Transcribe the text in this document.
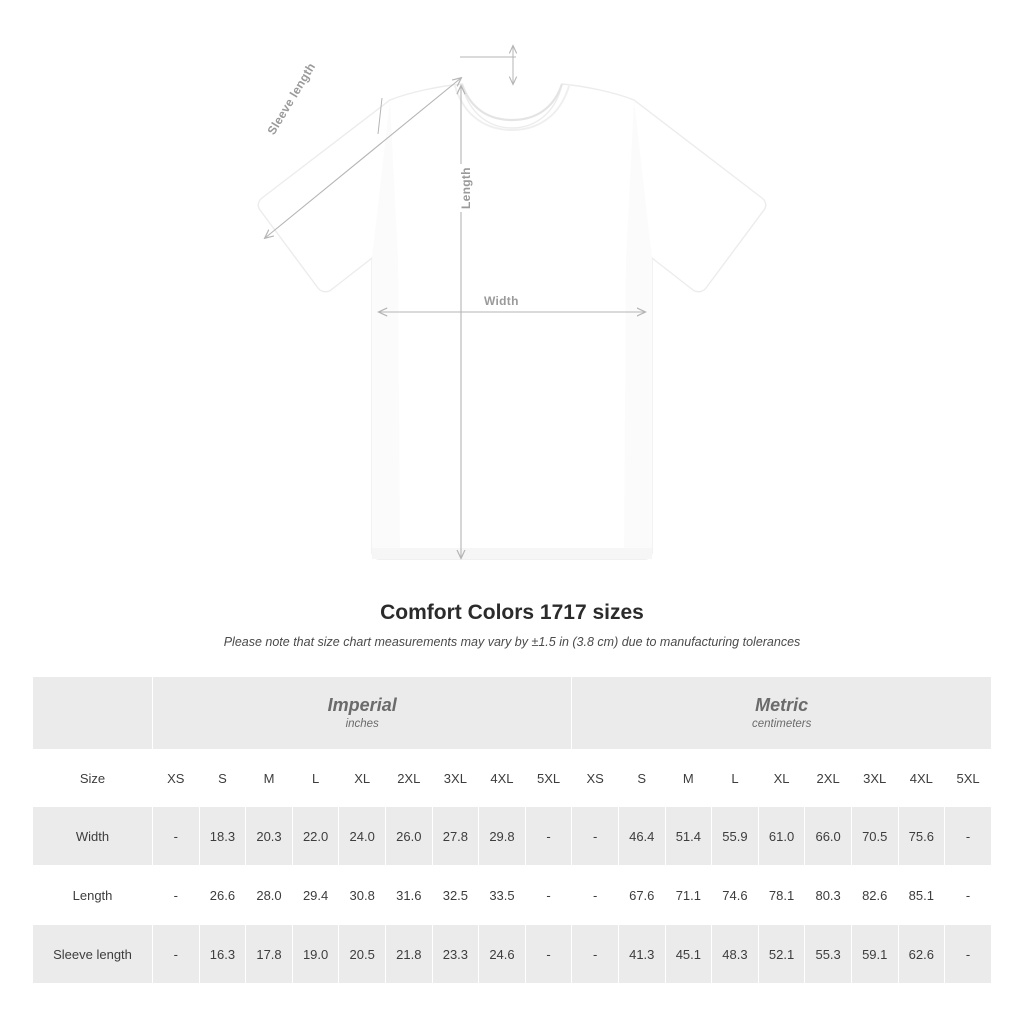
Sleeve length
Length
Width
Comfort Colors 1717 sizes

Please note that size chart measurements may vary by ±1.5 in (3.8 cm) due to manufacturing tolerances

	Imperial
inches									Metric
centimeters								

Size	XS	S	M	L	XL	2XL	3XL	4XL	5XL	XS	S	M	L	XL	2XL	3XL	4XL	5XL
Width	-	18.3	20.3	22.0	24.0	26.0	27.8	29.8	-	-	46.4	51.4	55.9	61.0	66.0	70.5	75.6	-
Length	-	26.6	28.0	29.4	30.8	31.6	32.5	33.5	-	-	67.6	71.1	74.6	78.1	80.3	82.6	85.1	-
Sleeve length	-	16.3	17.8	19.0	20.5	21.8	23.3	24.6	-	-	41.3	45.1	48.3	52.1	55.3	59.1	62.6	-
